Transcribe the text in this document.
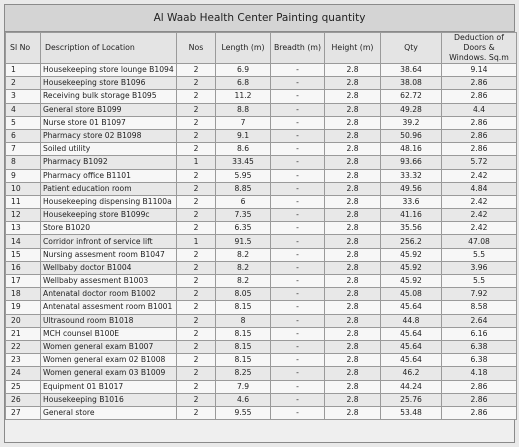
Al Waab Health Center Painting quantity
Sl No	Description of Location	Nos	Length (m)	Breadth (m)	Height (m)	Qty	Deduction of Doors & Windows. Sq.m
1	Housekeeping store lounge B1094	2	6.9	-	2.8	38.64	9.14
2	Housekeeping store B1096	2	6.8	-	2.8	38.08	2.86
3	Receiving bulk storage B1095	2	11.2	-	2.8	62.72	2.86
4	General store B1099	2	8.8	-	2.8	49.28	4.4
5	Nurse store 01 B1097	2	7	-	2.8	39.2	2.86
6	Pharmacy store 02 B1098	2	9.1	-	2.8	50.96	2.86
7	Soiled utility	2	8.6	-	2.8	48.16	2.86
8	Pharmacy B1092	1	33.45	-	2.8	93.66	5.72
9	Pharmacy office B1101	2	5.95	-	2.8	33.32	2.42
10	Patient education room	2	8.85	-	2.8	49.56	4.84
11	Housekeeping dispensing B1100a	2	6	-	2.8	33.6	2.42
12	Housekeeping store B1099c	2	7.35	-	2.8	41.16	2.42
13	Store B1020	2	6.35	-	2.8	35.56	2.42
14	Corridor infront of service lift	1	91.5	-	2.8	256.2	47.08
15	Nursing assesment room B1047	2	8.2	-	2.8	45.92	5.5
16	Wellbaby doctor B1004	2	8.2	-	2.8	45.92	3.96
17	Wellbaby assesment B1003	2	8.2	-	2.8	45.92	5.5
18	Antenatal doctor room B1002	2	8.05	-	2.8	45.08	7.92
19	Antenatal assesment room B1001	2	8.15	-	2.8	45.64	8.58
20	Ultrasound room B1018	2	8	-	2.8	44.8	2.64
21	MCH counsel B100E	2	8.15	-	2.8	45.64	6.16
22	Women general exam B1007	2	8.15	-	2.8	45.64	6.38
23	Women general exam 02 B1008	2	8.15	-	2.8	45.64	6.38
24	Women general exam 03 B1009	2	8.25	-	2.8	46.2	4.18
25	Equipment 01 B1017	2	7.9	-	2.8	44.24	2.86
26	Housekeeping B1016	2	4.6	-	2.8	25.76	2.86
27	General store	2	9.55	-	2.8	53.48	2.86
